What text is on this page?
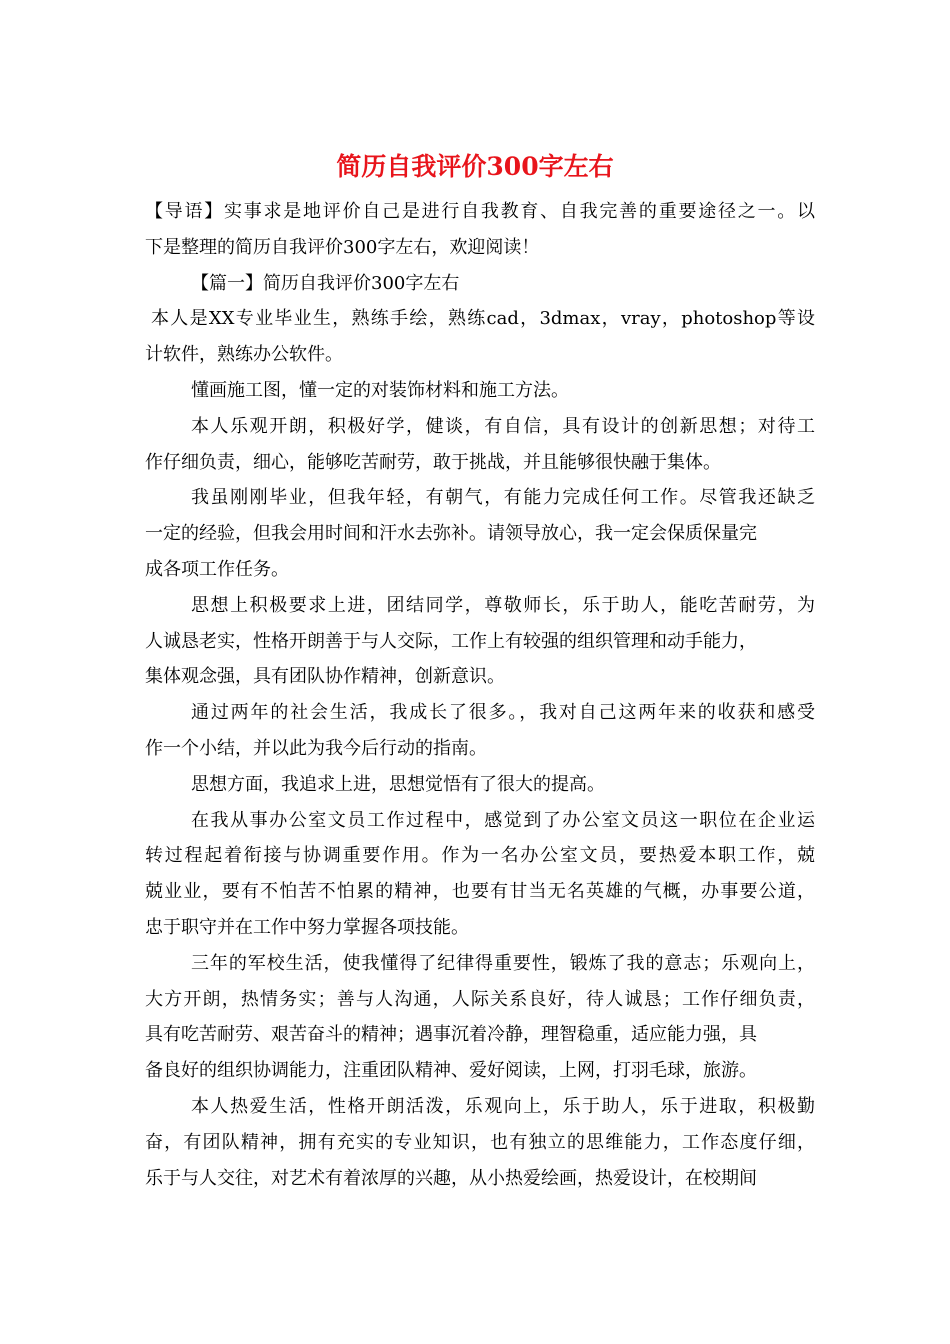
简历自我评价300字左右
【导语】实事求是地评价自己是进行自我教育、自我完善的重要途径之一。以
下是整理的简历自我评价300字左右，欢迎阅读！
【篇一】简历自我评价300字左右
本人是XX专业毕业生，熟练手绘，熟练cad，3dmax，vray，photoshop等设
计软件，熟练办公软件。
懂画施工图，懂一定的对装饰材料和施工方法。
本人乐观开朗，积极好学，健谈，有自信，具有设计的创新思想；对待工
作仔细负责，细心，能够吃苦耐劳，敢于挑战，并且能够很快融于集体。
我虽刚刚毕业，但我年轻，有朝气，有能力完成任何工作。尽管我还缺乏
一定的经验，但我会用时间和汗水去弥补。请领导放心，我一定会保质保量完
成各项工作任务。
思想上积极要求上进，团结同学，尊敬师长，乐于助人，能吃苦耐劳，为
人诚恳老实，性格开朗善于与人交际，工作上有较强的组织管理和动手能力，
集体观念强，具有团队协作精神，创新意识。
通过两年的社会生活，我成长了很多。，我对自己这两年来的收获和感受
作一个小结，并以此为我今后行动的指南。
思想方面，我追求上进，思想觉悟有了很大的提高。
在我从事办公室文员工作过程中，感觉到了办公室文员这一职位在企业运
转过程起着衔接与协调重要作用。作为一名办公室文员，要热爱本职工作，兢
兢业业，要有不怕苦不怕累的精神，也要有甘当无名英雄的气概，办事要公道，
忠于职守并在工作中努力掌握各项技能。
三年的军校生活，使我懂得了纪律得重要性，锻炼了我的意志；乐观向上，
大方开朗，热情务实；善与人沟通，人际关系良好，待人诚恳；工作仔细负责，
具有吃苦耐劳、艰苦奋斗的精神；遇事沉着冷静，理智稳重，适应能力强，具
备良好的组织协调能力，注重团队精神、爱好阅读，上网，打羽毛球，旅游。
本人热爱生活，性格开朗活泼，乐观向上，乐于助人，乐于进取，积极勤
奋，有团队精神，拥有充实的专业知识，也有独立的思维能力，工作态度仔细，
乐于与人交往，对艺术有着浓厚的兴趣，从小热爱绘画，热爱设计，在校期间
